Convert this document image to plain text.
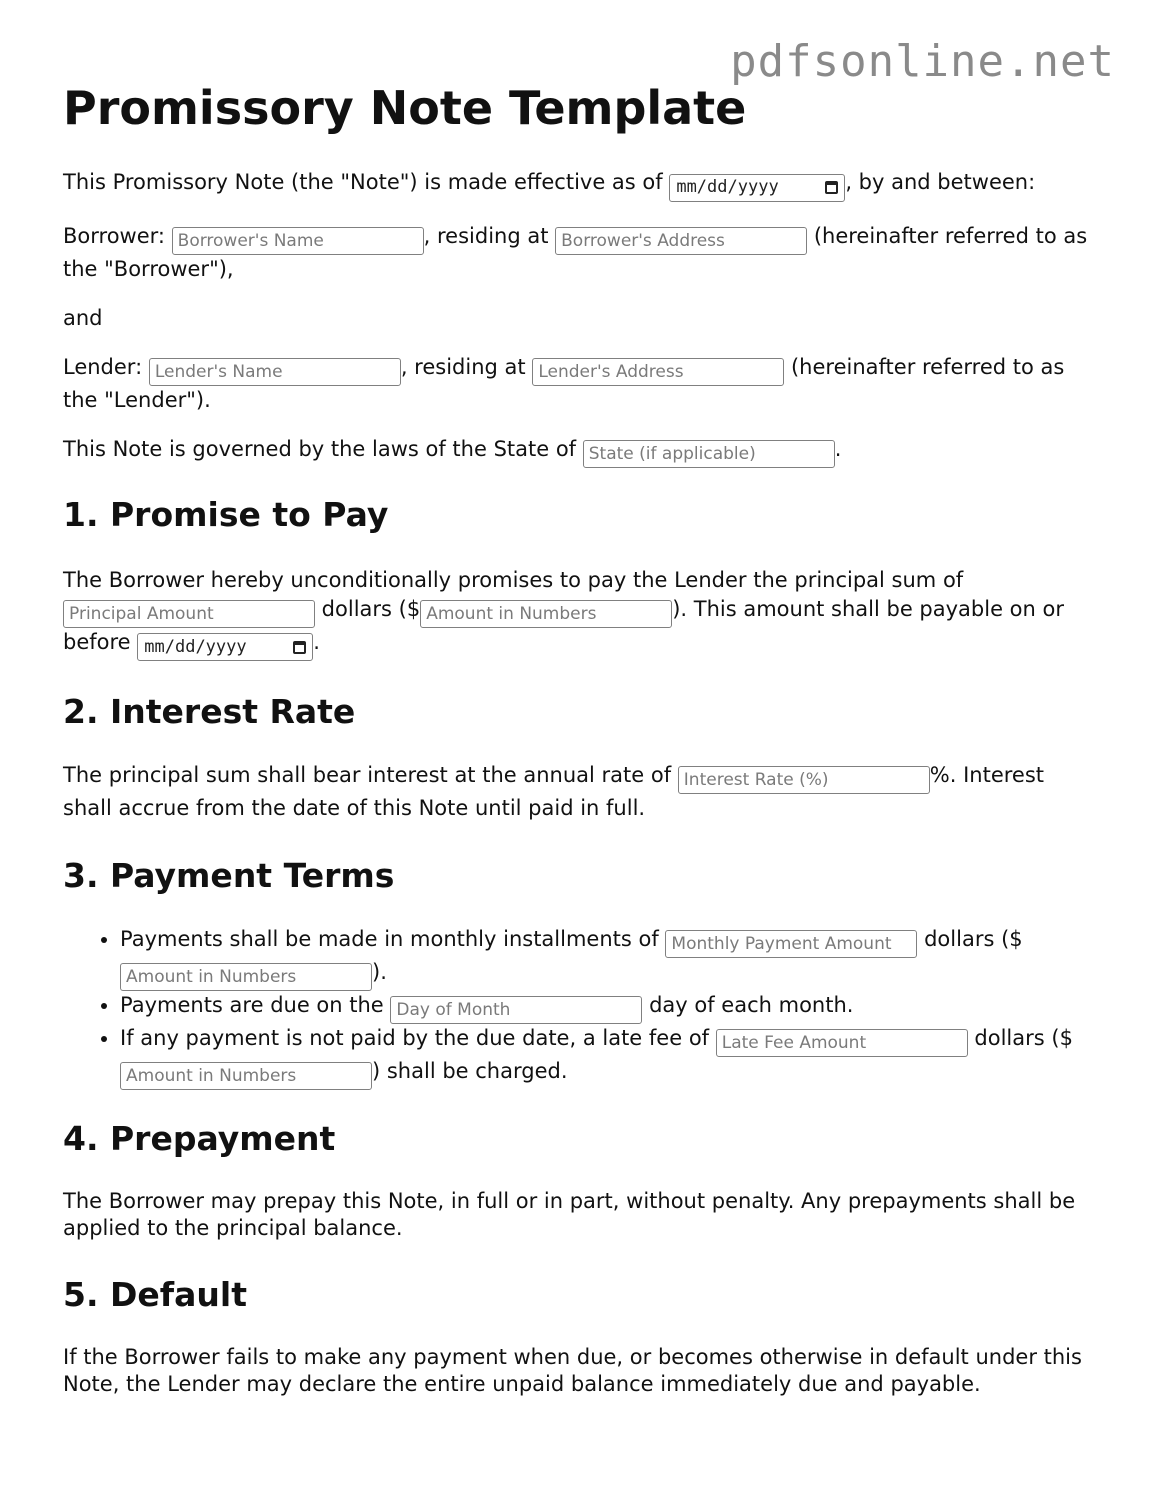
pdfsonline.net
Promissory Note Template

This Promissory Note (the "Note") is made effective as of mm/dd/yyyy	, by and between:

Borrower: Borrower's Name	, residing at Borrower's Address	(hereinafter referred to as the "Borrower"),

and

Lender: Lender's Name	, residing at Lender's Address	(hereinafter referred to as the "Lender").

This Note is governed by the laws of the State of State (if applicable)	.

1. Promise to Pay

The Borrower hereby unconditionally promises to pay the Lender the principal sum of Principal Amount dollars ($Amount in Numbers	). This amount shall be payable on or before mm/dd/yyyy	.

2. Interest Rate

The principal sum shall bear interest at the annual rate of Interest Rate (%)	%. Interest shall accrue from the date of this Note until paid in full.

3. Payment Terms
• Payments shall be made in monthly installments of Monthly Payment Amount	dollars ($Amount in Numbers).
• Payments are due on the Day of Month	day of each month.
• If any payment is not paid by the due date, a late fee of Late Fee Amount	dollars ($Amount in Numbers) shall be charged.
4. Prepayment

The Borrower may prepay this Note, in full or in part, without penalty. Any prepayments shall be applied to the principal balance.

5. Default

If the Borrower fails to make any payment when due, or becomes otherwise in default under this Note, the Lender may declare the entire unpaid balance immediately due and payable.
